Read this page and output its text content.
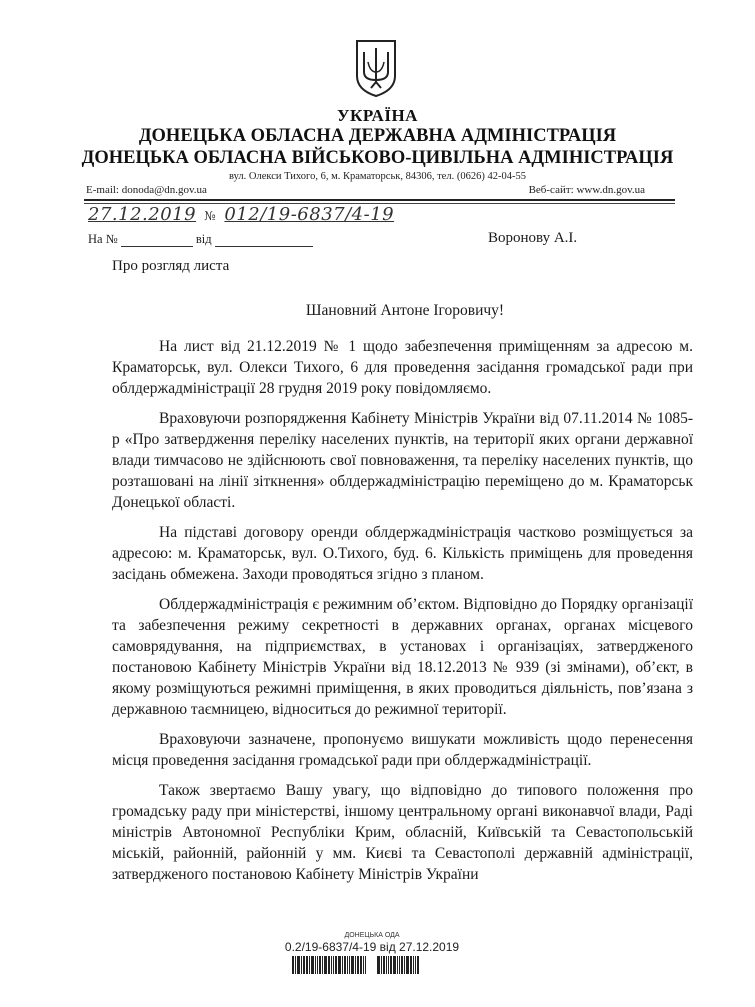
УКРАЇНА
ДОНЕЦЬКА ОБЛАСНА ДЕРЖАВНА АДМІНІСТРАЦІЯ
ДОНЕЦЬКА ОБЛАСНА ВІЙСЬКОВО-ЦИВІЛЬНА АДМІНІСТРАЦІЯ
вул. Олекси Тихого, 6, м. Краматорськ, 84306, тел. (0626) 42-04-55
E-mail: donoda@dn.gov.ua	Веб-сайт: www.dn.gov.ua
27.12.2019 № 012/19-6837/4-19
На №	від	Воронову А.І.
Про розгляд листа
Шановний Антоне Ігоровичу!

На лист від 21.12.2019 № 1 щодо забезпечення приміщенням за адресою м. Краматорськ, вул. Олекси Тихого, 6 для проведення засідання громадської ради при облдержадміністрації 28 грудня 2019 року повідомляємо.

Враховуючи розпорядження Кабінету Міністрів України від 07.11.2014 № 1085-р «Про затвердження переліку населених пунктів, на території яких органи державної влади тимчасово не здійснюють свої повноваження, та переліку населених пунктів, що розташовані на лінії зіткнення» облдержадміністрацію переміщено до м. Краматорськ Донецької області.

На підставі договору оренди облдержадміністрація частково розміщується за адресою: м. Краматорськ, вул. О.Тихого, буд. 6. Кількість приміщень для проведення засідань обмежена. Заходи проводяться згідно з планом.

Облдержадміністрація є режимним об’єктом. Відповідно до Порядку організації та забезпечення режиму секретності в державних органах, органах місцевого самоврядування, на підприємствах, в установах і організаціях, затвердженого постановою Кабінету Міністрів України від 18.12.2013 № 939 (зі змінами), об’єкт, в якому розміщуються режимні приміщення, в яких проводиться діяльність, пов’язана з державною таємницею, відноситься до режимної території.

Враховуючи зазначене, пропонуємо вишукати можливість щодо перенесення місця проведення засідання громадської ради при облдержадміністрації.

Також звертаємо Вашу увагу, що відповідно до типового положення про громадську раду при міністерстві, іншому центральному органі виконавчої влади, Раді міністрів Автономної Республіки Крим, обласній, Київській та Севастопольській міській, районній, районній у мм. Києві та Севастополі державній адміністрації, затвердженого постановою Кабінету Міністрів України

ДОНЕЦЬКА ОДА
0.2/19-6837/4-19 від 27.12.2019
